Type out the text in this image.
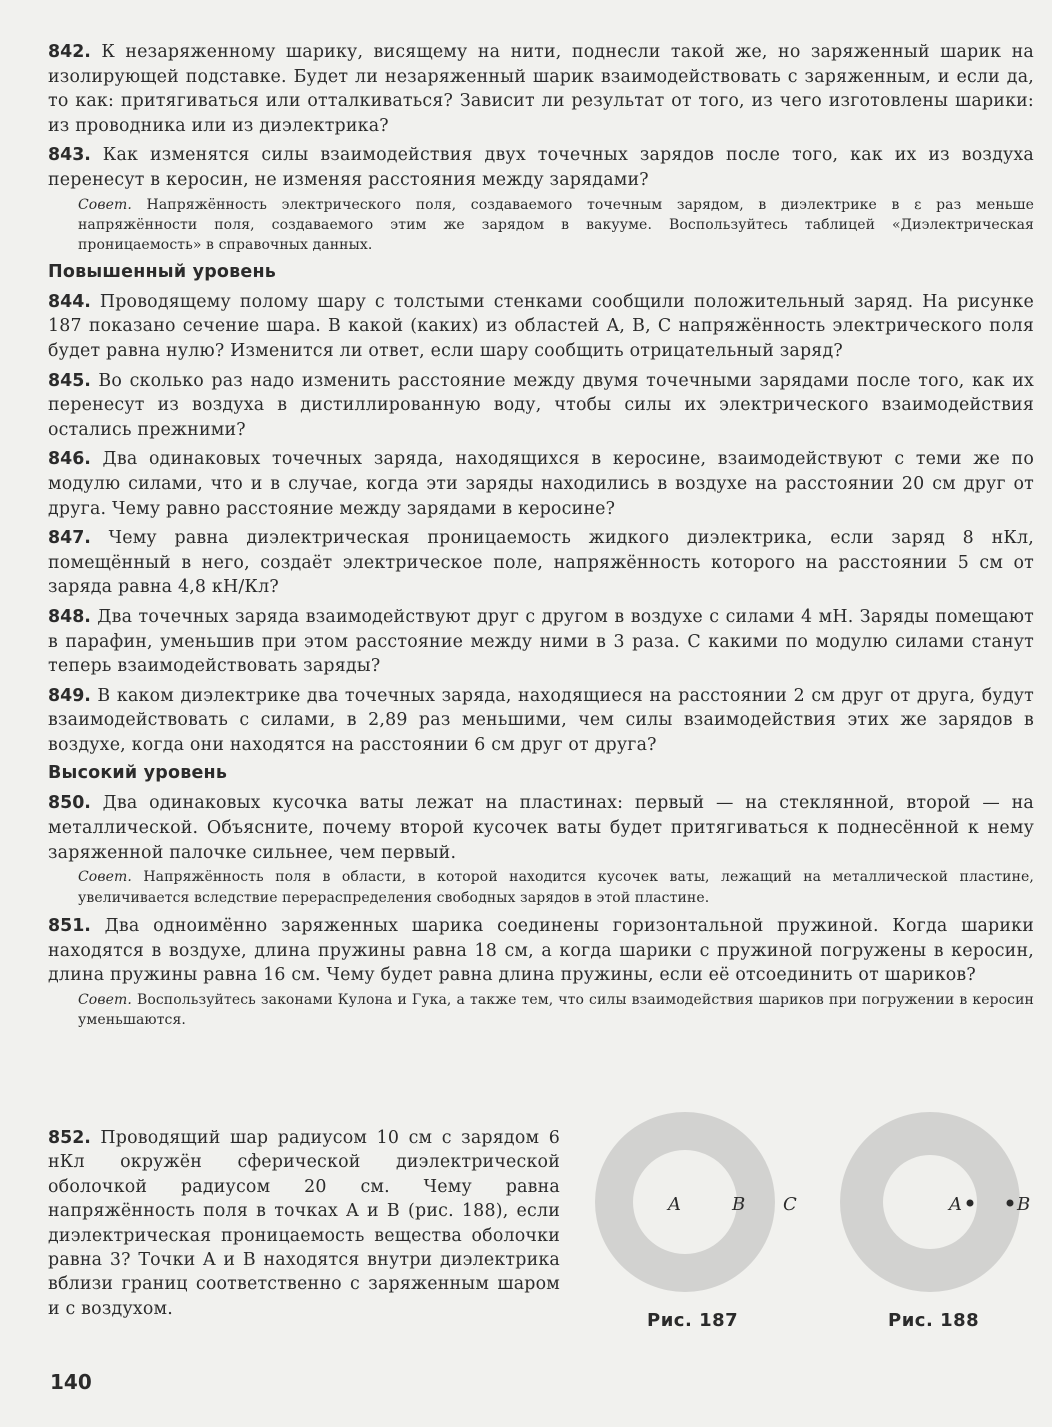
842. К незаряженному шарику, висящему на нити, поднесли такой же, но заряженный шарик на изолирующей подставке. Будет ли незаряженный шарик взаимодействовать с заряженным, и если да, то как: притягиваться или отталкиваться? Зависит ли результат от того, из чего изготовлены шарики: из проводника или из диэлектрика?

843. Как изменятся силы взаимодействия двух точечных зарядов после того, как их из воздуха перенесут в керосин, не изменяя расстояния между зарядами?

Совет. Напряжённость электрического поля, создаваемого точечным зарядом, в диэлектрике в ε раз меньше напряжённости поля, создаваемого этим же зарядом в вакууме. Воспользуйтесь таблицей «Диэлектрическая проницаемость» в справочных данных.

Повышенный уровень

844. Проводящему полому шару с толстыми стенками сообщили положительный заряд. На рисунке 187 показано сечение шара. В какой (каких) из областей A, B, C напряжённость электрического поля будет равна нулю? Изменится ли ответ, если шару сообщить отрицательный заряд?

845. Во сколько раз надо изменить расстояние между двумя точечными зарядами после того, как их перенесут из воздуха в дистиллированную воду, чтобы силы их электрического взаимодействия остались прежними?

846. Два одинаковых точечных заряда, находящихся в керосине, взаимодействуют с теми же по модулю силами, что и в случае, когда эти заряды находились в воздухе на расстоянии 20 см друг от друга. Чему равно расстояние между зарядами в керосине?

847. Чему равна диэлектрическая проницаемость жидкого диэлектрика, если заряд 8 нКл, помещённый в него, создаёт электрическое поле, напряжённость которого на расстоянии 5 см от заряда равна 4,8 кН/Кл?

848. Два точечных заряда взаимодействуют друг с другом в воздухе с силами 4 мН. Заряды помещают в парафин, уменьшив при этом расстояние между ними в 3 раза. С какими по модулю силами станут теперь взаимодействовать заряды?

849. В каком диэлектрике два точечных заряда, находящиеся на расстоянии 2 см друг от друга, будут взаимодействовать с силами, в 2,89 раз меньшими, чем силы взаимодействия этих же зарядов в воздухе, когда они находятся на расстоянии 6 см друг от друга?

Высокий уровень

850. Два одинаковых кусочка ваты лежат на пластинах: первый — на стеклянной, второй — на металлической. Объясните, почему второй кусочек ваты будет притягиваться к поднесённой к нему заряженной палочке сильнее, чем первый.

Совет. Напряжённость поля в области, в которой находится кусочек ваты, лежащий на металлической пластине, увеличивается вследствие перераспределения свободных зарядов в этой пластине.

851. Два одноимённо заряженных шарика соединены горизонтальной пружиной. Когда шарики находятся в воздухе, длина пружины равна 18 см, а когда шарики с пружиной погружены в керосин, длина пружины равна 16 см. Чему будет равна длина пружины, если её отсоединить от шариков?

Совет. Воспользуйтесь законами Кулона и Гука, а также тем, что силы взаимодействия шариков при погружении в керосин уменьшаются.

852. Проводящий шар радиусом 10 см с зарядом 6 нКл окружён сферической диэлектрической оболочкой радиусом 20 см. Чему равна напряжённость поля в точках A и B (рис. 188), если диэлектрическая проницаемость вещества оболочки равна 3? Точки A и B находятся внутри диэлектрика вблизи границ соответственно с заряженным шаром и с воздухом.

A	B C
Рис. 187
A	B
Рис. 188
140
